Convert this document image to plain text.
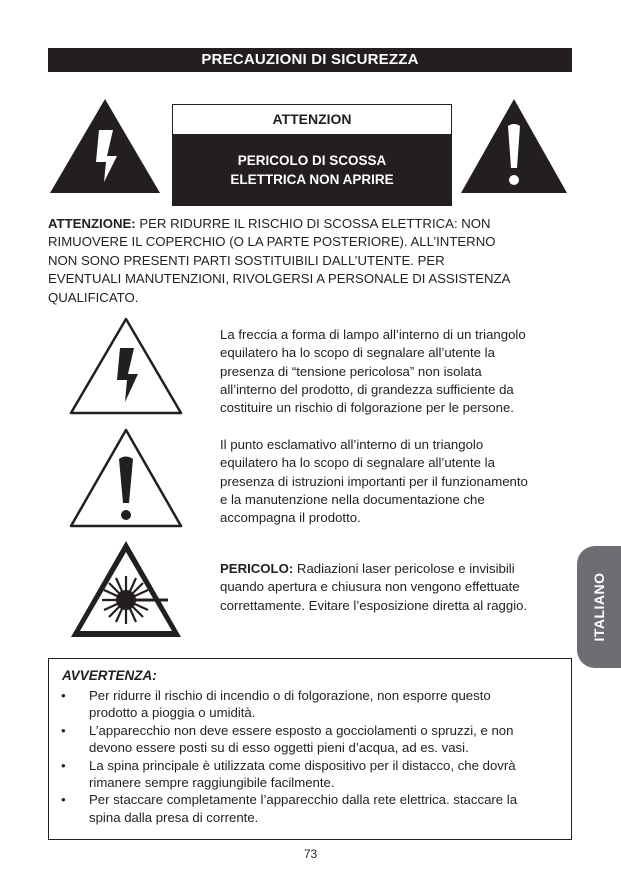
PRECAUZIONI DI SICUREZZA
ATTENZION
PERICOLO DI SCOSSA
ELETTRICA NON APRIRE
ATTENZIONE: PER RIDURRE IL RISCHIO DI SCOSSA ELETTRICA: NON
RIMUOVERE IL COPERCHIO (O LA PARTE POSTERIORE). ALL’INTERNO
NON SONO PRESENTI PARTI SOSTITUIBILI DALL’UTENTE. PER
EVENTUALI MANUTENZIONI, RIVOLGERSI A PERSONALE DI ASSISTENZA
QUALIFICATO.
La freccia a forma di lampo all’interno di un triangolo
equilatero ha lo scopo di segnalare all’utente la
presenza di “tensione pericolosa” non isolata
all’interno del prodotto, di grandezza sufficiente da
costituire un rischio di folgorazione per le persone.
Il punto esclamativo all’interno di un triangolo
equilatero ha lo scopo di segnalare all’utente la
presenza di istruzioni importanti per il funzionamento
e la manutenzione nella documentazione che
accompagna il prodotto.
PERICOLO: Radiazioni laser pericolose e invisibili
quando apertura e chiusura non vengono effettuate
correttamente. Evitare l’esposizione diretta al raggio.	ITALIANO
AVVERTENZA:
• Per ridurre il rischio di incendio o di folgorazione, non esporre questo
prodotto a pioggia o umidità.
• L’apparecchio non deve essere esposto a gocciolamenti o spruzzi, e non
devono essere posti su di esso oggetti pieni d’acqua, ad es. vasi.
• La spina principale è utilizzata come dispositivo per il distacco, che dovrà
rimanere sempre raggiungibile facilmente.
• Per staccare completamente l’apparecchio dalla rete elettrica. staccare la
spina dalla presa di corrente.
73
